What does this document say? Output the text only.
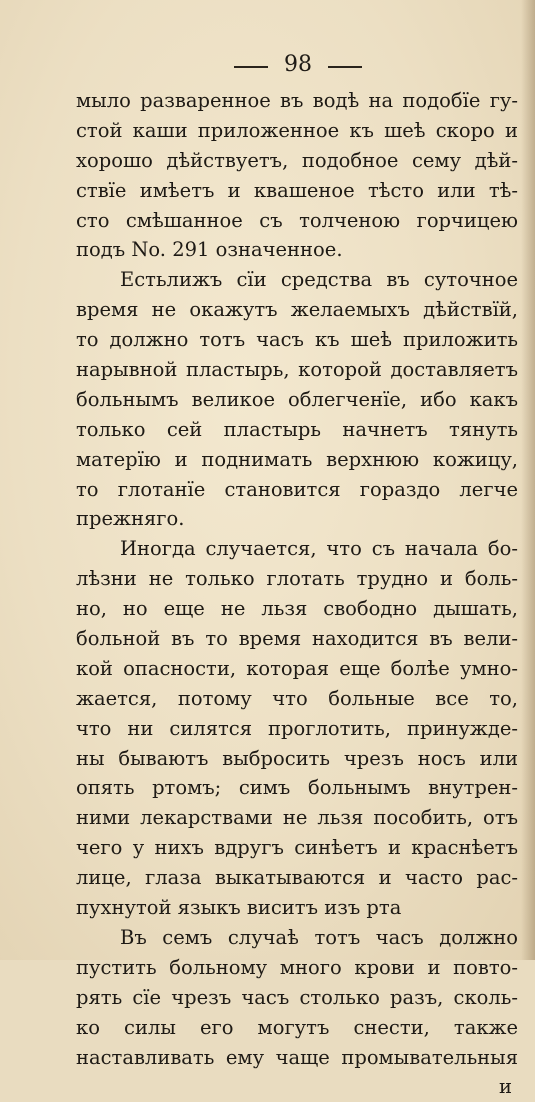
98
мыло разваренное въ водѣ на подобїе гу-
стой каши приложенное къ шеѣ скоро и
хорошо дѣйствуетъ, подобное сему дѣй-
ствїе имѣетъ и квашеное тѣсто или тѣ-
сто смѣшанное съ толченою горчицею
подъ No. 291 означенное.
Естьлижъ сїи средства въ суточное
время не окажутъ желаемыхъ дѣйствїй,
то должно тотъ часъ къ шеѣ приложить
нарывной пластырь, которой доставляетъ
больнымъ великое облегченїе, ибо какъ
только сей пластырь начнетъ тянуть
матерїю и поднимать верхнюю кожицу,
то глотанїе становится гораздо легче
прежняго.
Иногда случается, что съ начала бо-
лѣзни не только глотать трудно и боль-
но, но еще не льзя свободно дышать,
больной въ то время находится въ вели-
кой опасности, которая еще болѣе умно-
жается, потому что больные все то,
что ни силятся проглотить, принужде-
ны бываютъ выбросить чрезъ носъ или
опять ртомъ; симъ больнымъ внутрен-
ними лекарствами не льзя пособить, отъ
чего у нихъ вдругъ синѣетъ и краснѣетъ
лице, глаза выкатываются и часто рас-
пухнутой языкъ виситъ изъ рта
Въ семъ случаѣ тотъ часъ должно
пустить больному много крови и повто-
рять сїе чрезъ часъ столько разъ, сколь-
ко силы его могутъ снести, также
наставливать ему чаще промывательныя
и
